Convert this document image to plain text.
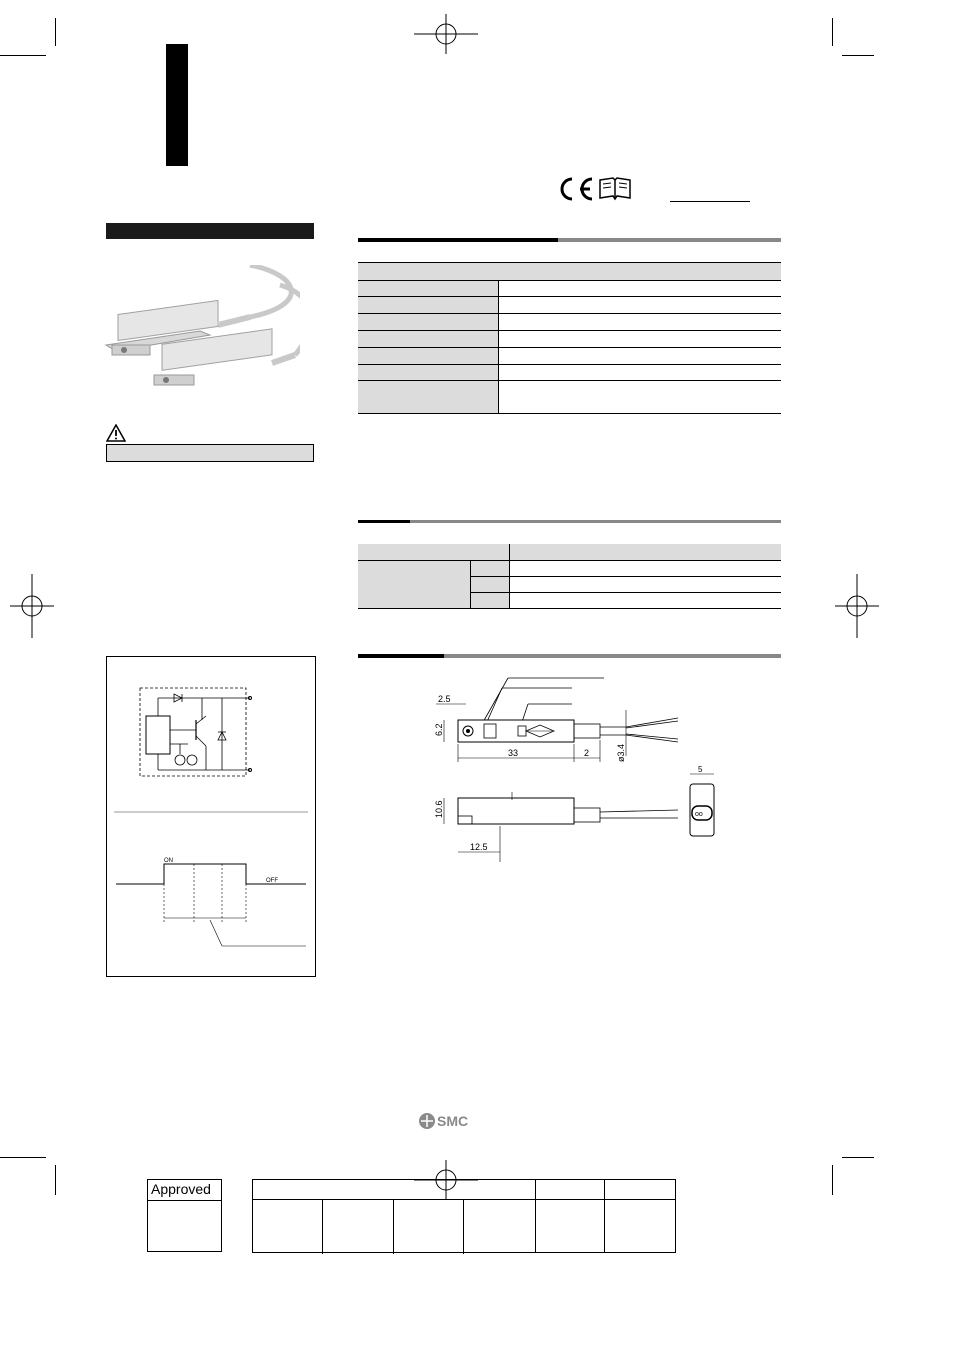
2.5
6.2
33	2	ø3.4
10.6
12.5
oo
5
ON
OFF
SMC
Approved
